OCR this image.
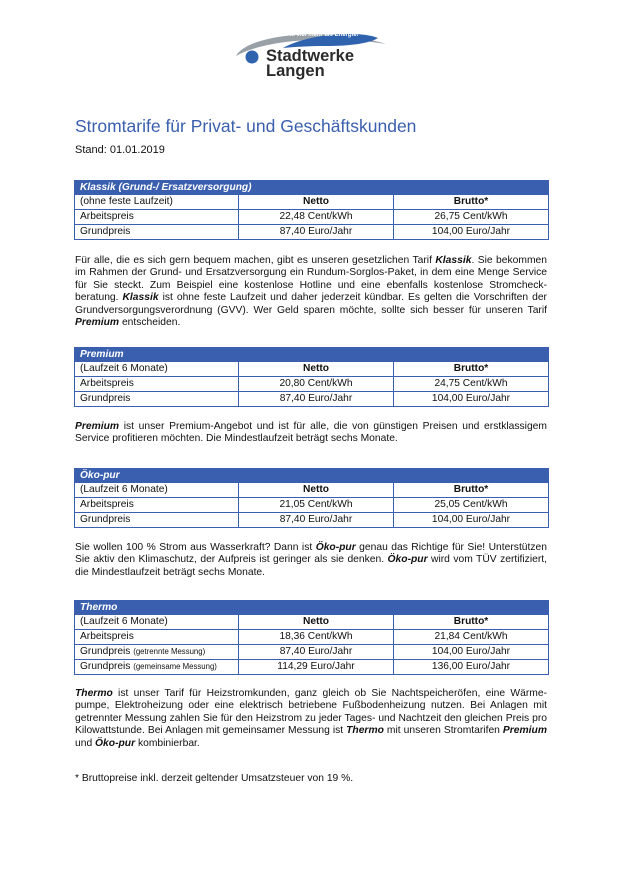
... viel mehr als Energie!
Stadtwerke
Langen
Stromtarife für Privat- und Geschäftskunden
Stand: 01.01.2019
Klassik (Grund-/ Ersatzversorgung)		
(ohne feste Laufzeit)	Netto	Brutto*
Arbeitspreis	22,48 Cent/kWh	26,75 Cent/kWh
Grundpreis	87,40 Euro/Jahr	104,00 Euro/Jahr

Für alle, die es sich gern bequem machen, gibt es unseren gesetzlichen Tarif Klassik. Sie bekommen im Rahmen der Grund- und Ersatzversorgung ein Rundum-Sorglos-Paket, in dem eine Menge Service für Sie steckt. Zum Beispiel eine kostenlose Hotline und eine ebenfalls kostenlose Stromcheck-beratung. Klassik ist ohne feste Laufzeit und daher jederzeit kündbar. Es gelten die Vorschriften der Grundversorgungsverordnung (GVV). Wer Geld sparen möchte, sollte sich besser für unseren Tarif Premium entscheiden.

Premium		
(Laufzeit 6 Monate)	Netto	Brutto*
Arbeitspreis	20,80 Cent/kWh	24,75 Cent/kWh
Grundpreis	87,40 Euro/Jahr	104,00 Euro/Jahr

Premium ist unser Premium-Angebot und ist für alle, die von günstigen Preisen und erstklassigem Service profitieren möchten. Die Mindestlaufzeit beträgt sechs Monate.

Öko-pur		
(Laufzeit 6 Monate)	Netto	Brutto*
Arbeitspreis	21,05 Cent/kWh	25,05 Cent/kWh
Grundpreis	87,40 Euro/Jahr	104,00 Euro/Jahr

Sie wollen 100 % Strom aus Wasserkraft? Dann ist Öko-pur genau das Richtige für Sie! Unterstützen Sie aktiv den Klimaschutz, der Aufpreis ist geringer als sie denken. Öko-pur wird vom TÜV zertifiziert, die Mindestlaufzeit beträgt sechs Monate.

Thermo		
(Laufzeit 6 Monate)	Netto	Brutto*
Arbeitspreis	18,36 Cent/kWh	21,84 Cent/kWh
Grundpreis (getrennte Messung)	87,40 Euro/Jahr	104,00 Euro/Jahr
Grundpreis (gemeinsame Messung)	114,29 Euro/Jahr	136,00 Euro/Jahr

Thermo ist unser Tarif für Heizstromkunden, ganz gleich ob Sie Nachtspeicheröfen, eine Wärme-pumpe, Elektroheizung oder eine elektrisch betriebene Fußbodenheizung nutzen. Bei Anlagen mit getrennter Messung zahlen Sie für den Heizstrom zu jeder Tages- und Nachtzeit den gleichen Preis pro Kilowattstunde. Bei Anlagen mit gemeinsamer Messung ist Thermo mit unseren Stromtarifen Premium und Öko-pur kombinierbar.

* Bruttopreise inkl. derzeit geltender Umsatzsteuer von 19 %.
